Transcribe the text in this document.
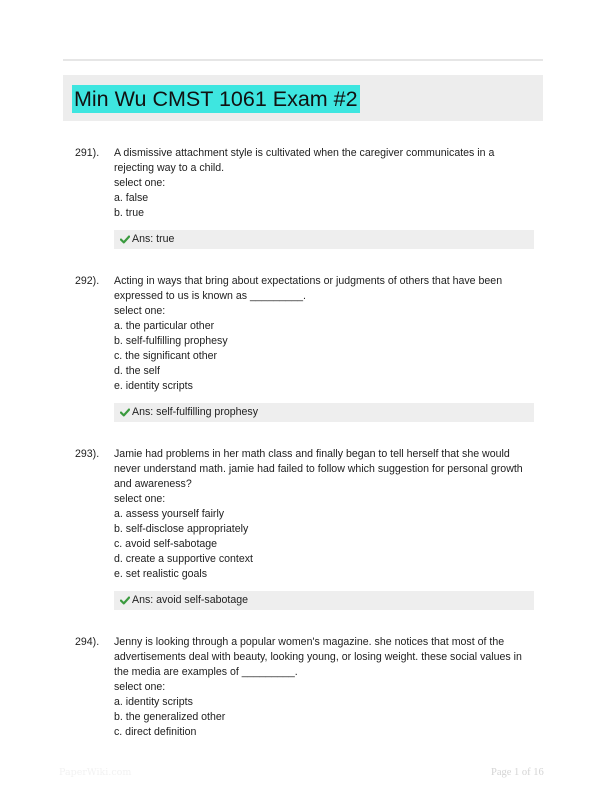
Min Wu CMST 1061 Exam #2
291). A dismissive attachment style is cultivated when the caregiver communicates in a
rejecting way to a child.
select one:
a. false
b. true
Ans: true
292). Acting in ways that bring about expectations or judgments of others that have been
expressed to us is known as _________.
select one:
a. the particular other
b. self-fulfilling prophesy
c. the significant other
d. the self
e. identity scripts
Ans: self-fulfilling prophesy
293). Jamie had problems in her math class and finally began to tell herself that she would
never understand math. jamie had failed to follow which suggestion for personal growth
and awareness?
select one:
a. assess yourself fairly
b. self-disclose appropriately
c. avoid self-sabotage
d. create a supportive context
e. set realistic goals
Ans: avoid self-sabotage
294). Jenny is looking through a popular women's magazine. she notices that most of the
advertisements deal with beauty, looking young, or losing weight. these social values in
the media are examples of _________.
select one:
a. identity scripts
b. the generalized other
c. direct definition
PaperWiki.com	Page 1 of 16
